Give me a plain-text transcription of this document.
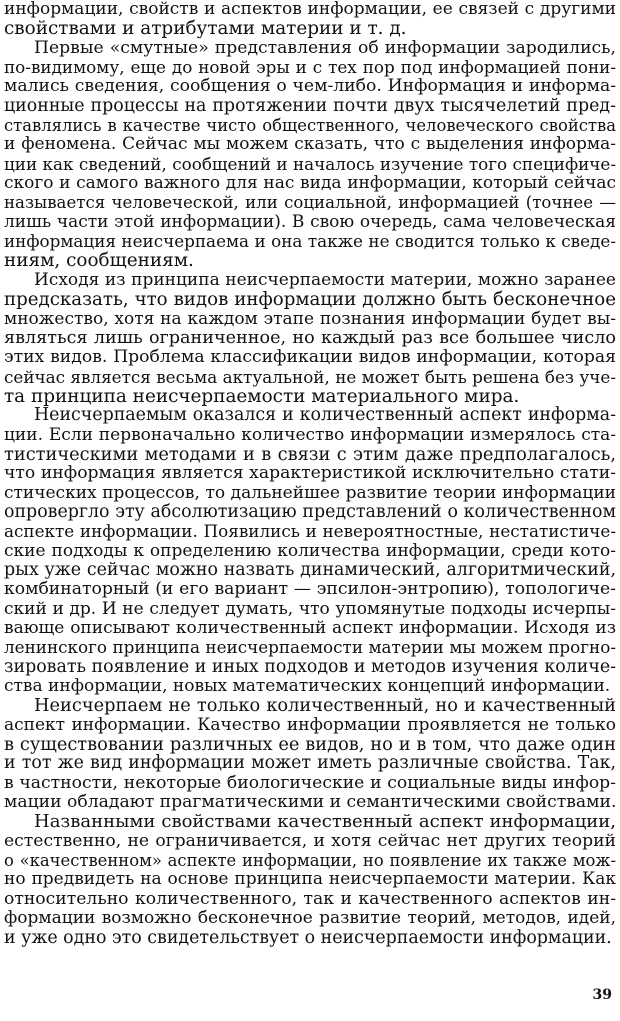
информации, свойств и аспектов информации, ее связей с другими
свойствами и атрибутами материи и т. д.
Первые «смутные» представления об информации зародились,
по-видимому, еще до новой эры и с тех пор под информацией пони-
мались сведения, сообщения о чем-либо. Информация и информа-
ционные процессы на протяжении почти двух тысячелетий пред-
ставлялись в качестве чисто общественного, человеческого свойства
и феномена. Сейчас мы можем сказать, что с выделения информа-
ции как сведений, сообщений и началось изучение того специфиче-
ского и самого важного для нас вида информации, который сейчас
называется человеческой, или социальной, информацией (точнее —
лишь части этой информации). В свою очередь, сама человеческая
информация неисчерпаема и она также не сводится только к сведе-
ниям, сообщениям.
Исходя из принципа неисчерпаемости материи, можно заранее
предсказать, что видов информации должно быть бесконечное
множество, хотя на каждом этапе познания информации будет вы-
являться лишь ограниченное, но каждый раз все большее число
этих видов. Проблема классификации видов информации, которая
сейчас является весьма актуальной, не может быть решена без уче-
та принципа неисчерпаемости материального мира.
Неисчерпаемым оказался и количественный аспект информа-
ции. Если первоначально количество информации измерялось ста-
тистическими методами и в связи с этим даже предполагалось,
что информация является характеристикой исключительно стати-
стических процессов, то дальнейшее развитие теории информации
опровергло эту абсолютизацию представлений о количественном
аспекте информации. Появились и невероятностные, нестатистиче-
ские подходы к определению количества информации, среди кото-
рых уже сейчас можно назвать динамический, алгоритмический,
комбинаторный (и его вариант — эпсилон-энтропию), топологиче-
ский и др. И не следует думать, что упомянутые подходы исчерпы-
вающе описывают количественный аспект информации. Исходя из
ленинского принципа неисчерпаемости материи мы можем прогно-
зировать появление и иных подходов и методов изучения количе-
ства информации, новых математических концепций информации.
Неисчерпаем не только количественный, но и качественный
аспект информации. Качество информации проявляется не только
в существовании различных ее видов, но и в том, что даже один
и тот же вид информации может иметь различные свойства. Так,
в частности, некоторые биологические и социальные виды инфор-
мации обладают прагматическими и семантическими свойствами.
Названными свойствами качественный аспект информации,
естественно, не ограничивается, и хотя сейчас нет других теорий
о «качественном» аспекте информации, но появление их также мож-
но предвидеть на основе принципа неисчерпаемости материи. Как
относительно количественного, так и качественного аспектов ин-
формации возможно бесконечное развитие теорий, методов, идей,
и уже одно это свидетельствует о неисчерпаемости информации.
39
